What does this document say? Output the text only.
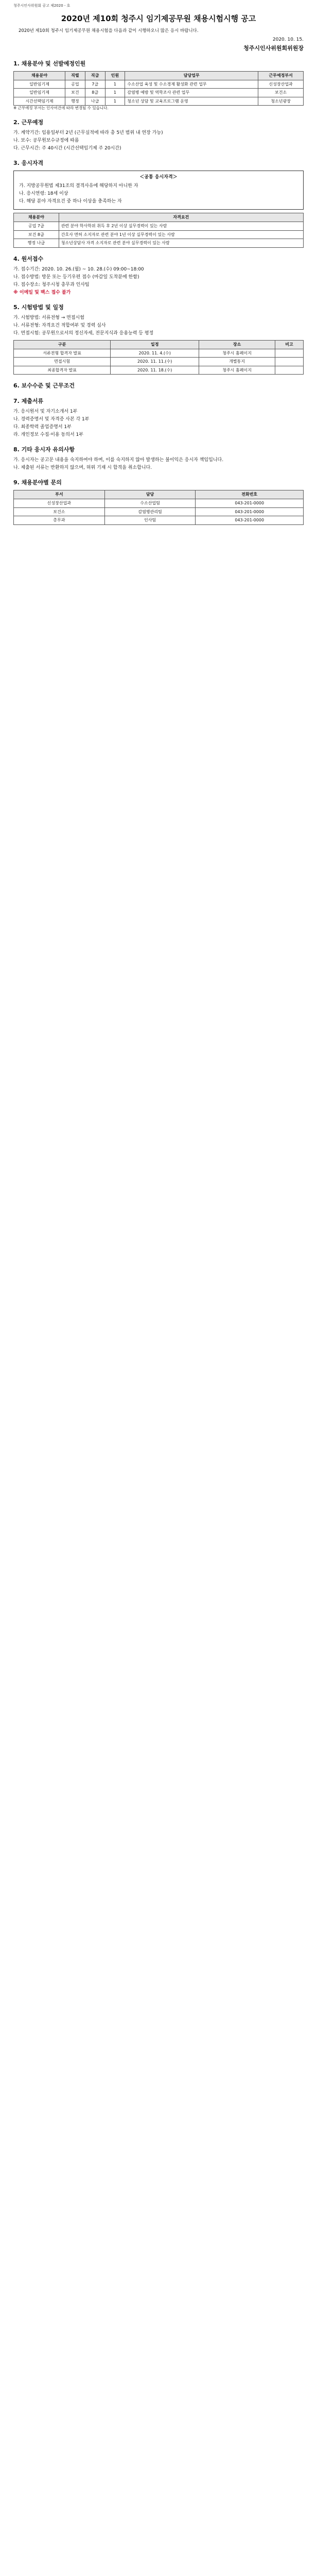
청주시인사위원회 공고 제2020 - 호
2020년 제10회 청주시 임기제공무원 채용시험시행 공고
2020년 제10회 청주시 임기제공무원 채용시험을 다음과 같이 시행하오니 많은 응시 바랍니다.
2020. 10. 15.
청주시인사위원회위원장
1. 채용분야 및 선발예정인원
채용분야	직렬	직급	인원	담당업무	근무예정부서
일반임기제	공업	7급	1	수소산업 육성 및 수소경제 활성화 관련 업무	신성장산업과
일반임기제	보건	8급	1	감염병 예방 및 역학조사 관련 업무	보건소
시간선택임기제	행정	나급	1	청소년 상담 및 교육프로그램 운영	청소년광장
※ 근무예정 부서는 인사여건에 따라 변경될 수 있습니다.
2. 근무예정
가. 계약기간: 임용일부터 2년 (근무실적에 따라 총 5년 범위 내 연장 가능)
나. 보수: 공무원보수규정에 따름
다. 근무시간: 주 40시간 (시간선택임기제 주 20시간)
3. 응시자격
＜공통 응시자격＞
가. 지방공무원법 제31조의 결격사유에 해당하지 아니한 자
나. 응시연령: 18세 이상
다. 해당 분야 자격요건 중 하나 이상을 충족하는 자
채용분야	자격요건
공업 7급	관련 분야 학사학위 취득 후 2년 이상 실무경력이 있는 사람
보건 8급	간호사 면허 소지자로 관련 분야 1년 이상 실무경력이 있는 사람
행정 나급	청소년상담사 자격 소지자로 관련 분야 실무경력이 있는 사람
4. 원서접수
가. 접수기간: 2020. 10. 26.(월) ~ 10. 28.(수) 09:00~18:00
나. 접수방법: 방문 또는 등기우편 접수 (마감일 도착분에 한함)
다. 접수장소: 청주시청 총무과 인사팀
※ 이메일 및 팩스 접수 불가
5. 시험방법 및 일정
가. 시험방법: 서류전형 → 면접시험
나. 서류전형: 자격요건 적합여부 및 경력 심사
다. 면접시험: 공무원으로서의 정신자세, 전문지식과 응용능력 등 평정
구분	일정	장소	비고
서류전형 합격자 발표	2020. 11. 4.(수)	청주시 홈페이지	
면접시험	2020. 11. 11.(수)	개별통지	
최종합격자 발표	2020. 11. 18.(수)	청주시 홈페이지	
6. 보수수준 및 근무조건
7. 제출서류
가. 응시원서 및 자기소개서 1부
나. 경력증명서 및 자격증 사본 각 1부
다. 최종학력 졸업증명서 1부
라. 개인정보 수집·이용 동의서 1부
8. 기타 응시자 유의사항
가. 응시자는 공고문 내용을 숙지하여야 하며, 이를 숙지하지 않아 발생하는 불이익은 응시자 책임입니다.
나. 제출된 서류는 반환하지 않으며, 허위 기재 시 합격을 취소합니다.
9. 채용분야별 문의
부서	담당	전화번호
신성장산업과	수소산업팀	043-201-0000
보건소	감염병관리팀	043-201-0000
총무과	인사팀	043-201-0000
